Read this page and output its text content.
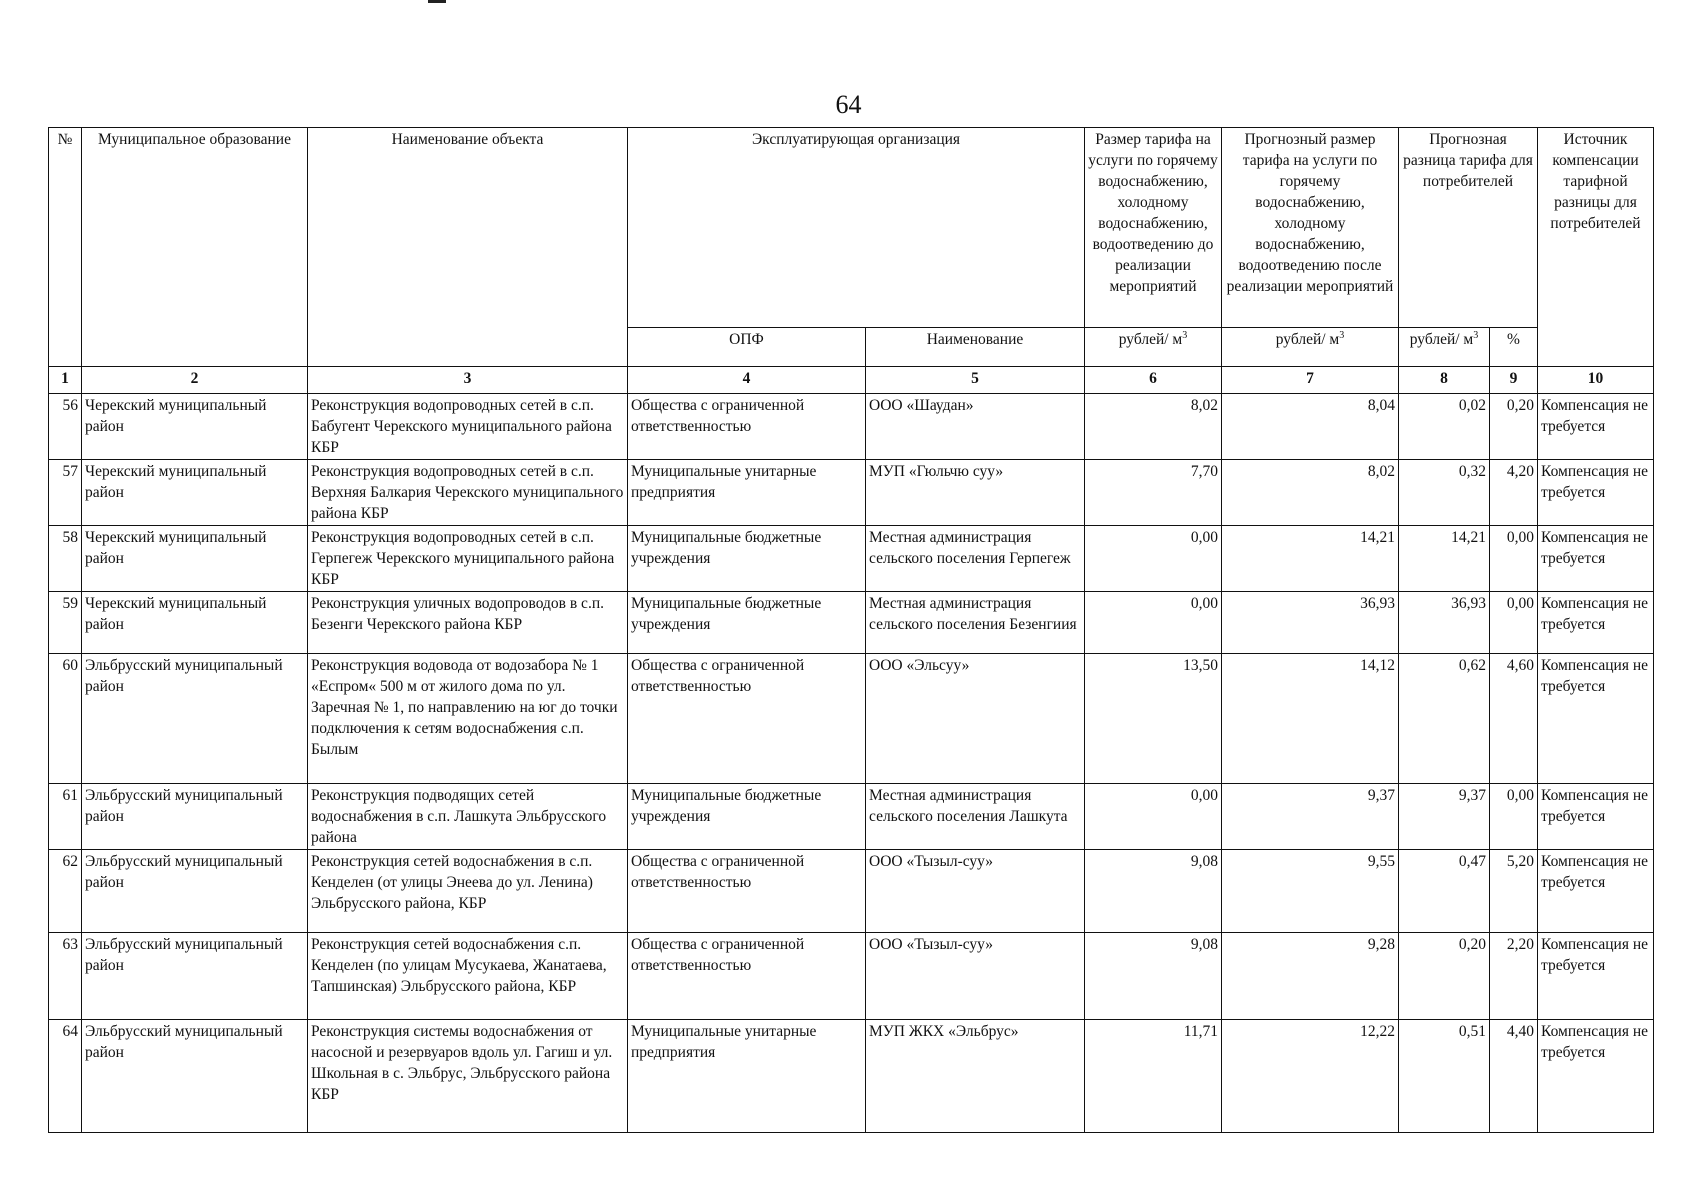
64
№	Муниципальное образование	Наименование объекта	Эксплуатирующая организация		Размер тарифа на услуги по горячему водоснабжению, холодному водоснабжению, водоотведению до реализации мероприятий	Прогнозный размер тарифа на услуги по горячему водоснабжению, холодному водоснабжению, водоотведению после реализации мероприятий	Прогнозная разница тарифа для потребителей		Источник компенсации тарифной разницы для потребителей
			ОПФ	Наименование	рублей/ $м^3$	рублей/ $м^3$	рублей/ $м^3$	%	
1	2	3	4	5	6	7	8	9	10
56	Черекский муниципальный район	Реконструкция водопроводных сетей в с.п. Бабугент Черекского муниципального района КБР	Общества с ограниченной ответственностью	ООО «Шаудан»	8,02	8,04	0,02	0,20	Компенсация не требуется
57	Черекский муниципальный район	Реконструкция водопроводных сетей в с.п. Верхняя Балкария Черекского муниципального района КБР	Муниципальные унитарные предприятия	МУП «Гюльчю суу»	7,70	8,02	0,32	4,20	Компенсация не требуется
58	Черекский муниципальный район	Реконструкция водопроводных сетей в с.п. Герпегеж Черекского муниципального района КБР	Муниципальные бюджетные учреждения	Местная администрация сельского поселения Герпегеж	0,00	14,21	14,21	0,00	Компенсация не требуется
59	Черекский муниципальный район	Реконструкция уличных водопроводов в с.п. Безенги Черекского района КБР	Муниципальные бюджетные учреждения	Местная администрация сельского поселения Безенгиия	0,00	36,93	36,93	0,00	Компенсация не требуется
60	Эльбрусский муниципальный район	Реконструкция водовода от водозабора № 1 «Еспром« 500 м от жилого дома по ул. Заречная № 1, по направлению на юг до точки подключения к сетям водоснабжения с.п. Былым	Общества с ограниченной ответственностью	ООО «Эльсуу»	13,50	14,12	0,62	4,60	Компенсация не требуется
61	Эльбрусский муниципальный район	Реконструкция подводящих сетей водоснабжения в с.п. Лашкута Эльбрусского района	Муниципальные бюджетные учреждения	Местная администрация сельского поселения Лашкута	0,00	9,37	9,37	0,00	Компенсация не требуется
62	Эльбрусский муниципальный район	Реконструкция сетей водоснабжения в с.п. Кенделен (от улицы Энеева до ул. Ленина) Эльбрусского района, КБР	Общества с ограниченной ответственностью	ООО «Тызыл-суу»	9,08	9,55	0,47	5,20	Компенсация не требуется
63	Эльбрусский муниципальный район	Реконструкция сетей водоснабжения с.п. Кенделен (по улицам Мусукаева, Жанатаева, Тапшинская) Эльбрусского района, КБР	Общества с ограниченной ответственностью	ООО «Тызыл-суу»	9,08	9,28	0,20	2,20	Компенсация не требуется
64	Эльбрусский муниципальный район	Реконструкция системы водоснабжения от насосной и резервуаров вдоль ул. Гагиш и ул. Школьная в с. Эльбрус, Эльбрусского района КБР	Муниципальные унитарные предприятия	МУП ЖКХ «Эльбрус»	11,71	12,22	0,51	4,40	Компенсация не требуется
